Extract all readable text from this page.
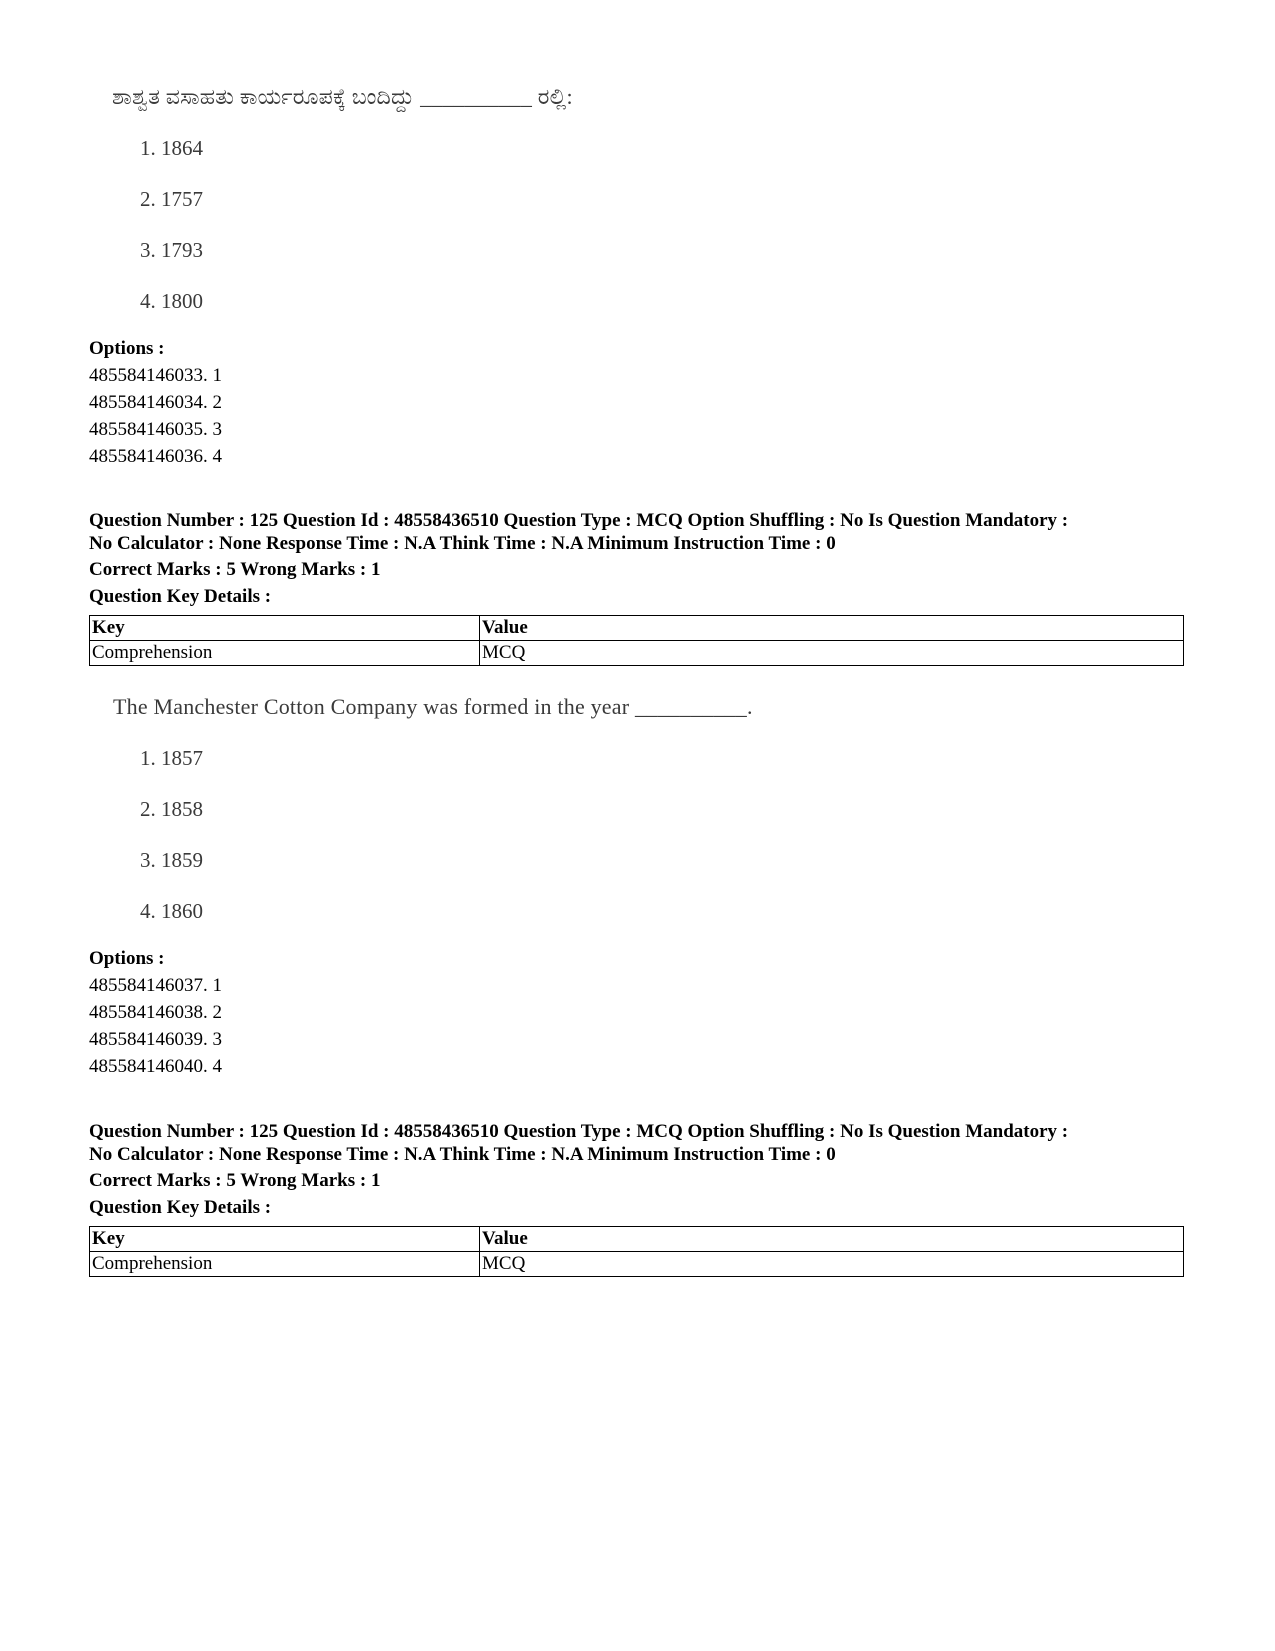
ಶಾಶ್ವತ ವಸಾಹತು ಕಾರ್ಯರೂಪಕ್ಕೆ ಬಂದಿದ್ದು __________ ರಲ್ಲಿ:
1. 1864
2. 1757
3. 1793
4. 1800
Options :
485584146033. 1
485584146034. 2
485584146035. 3
485584146036. 4
Question Number : 125 Question Id : 48558436510 Question Type : MCQ Option Shuffling : No Is Question Mandatory :
No Calculator : None Response Time : N.A Think Time : N.A Minimum Instruction Time : 0
Correct Marks : 5 Wrong Marks : 1
Question Key Details :
Key	Value
Comprehension	MCQ
The Manchester Cotton Company was formed in the year __________.
1. 1857
2. 1858
3. 1859
4. 1860
Options :
485584146037. 1
485584146038. 2
485584146039. 3
485584146040. 4
Question Number : 125 Question Id : 48558436510 Question Type : MCQ Option Shuffling : No Is Question Mandatory :
No Calculator : None Response Time : N.A Think Time : N.A Minimum Instruction Time : 0
Correct Marks : 5 Wrong Marks : 1
Question Key Details :
Key	Value
Comprehension	MCQ
